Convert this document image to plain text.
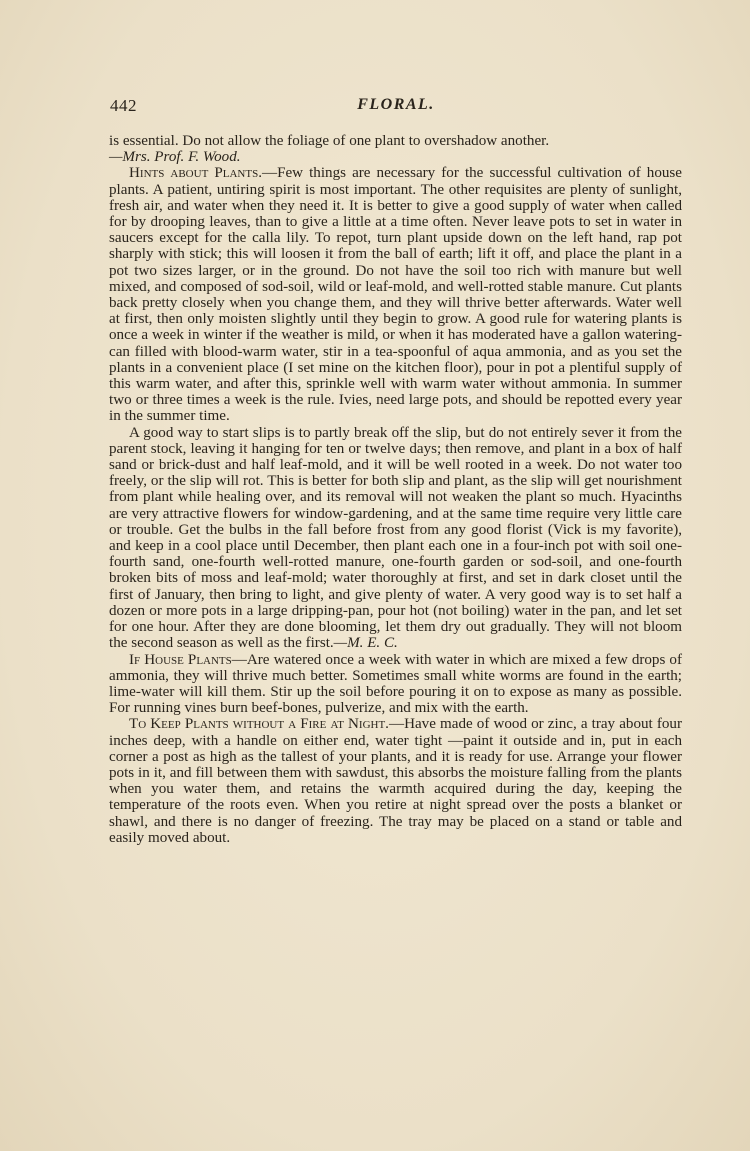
442	FLORAL.

is essential. Do not allow the foliage of one plant to overshadow another.
—Mrs. Prof. F. Wood.

Hints about Plants.—Few things are necessary for the successful cultivation of house plants. A patient, untiring spirit is most important. The other requisites are plenty of sunlight, fresh air, and water when they need it. It is better to give a good supply of water when called for by drooping leaves, than to give a little at a time often. Never leave pots to set in water in saucers except for the calla lily. To repot, turn plant upside down on the left hand, rap pot sharply with stick; this will loosen it from the ball of earth; lift it off, and place the plant in a pot two sizes larger, or in the ground. Do not have the soil too rich with manure but well mixed, and composed of sod-soil, wild or leaf-mold, and well-rotted stable manure. Cut plants back pretty closely when you change them, and they will thrive better afterwards. Water well at first, then only moisten slightly until they begin to grow. A good rule for watering plants is once a week in winter if the weather is mild, or when it has moderated have a gallon watering-can filled with blood-warm water, stir in a tea-spoonful of aqua ammonia, and as you set the plants in a convenient place (I set mine on the kitchen floor), pour in pot a plentiful supply of this warm water, and after this, sprinkle well with warm water without ammonia. In summer two or three times a week is the rule. Ivies, need large pots, and should be repotted every year in the summer time.

A good way to start slips is to partly break off the slip, but do not entirely sever it from the parent stock, leaving it hanging for ten or twelve days; then remove, and plant in a box of half sand or brick-dust and half leaf-mold, and it will be well rooted in a week. Do not water too freely, or the slip will rot. This is better for both slip and plant, as the slip will get nourishment from plant while healing over, and its removal will not weaken the plant so much. Hyacinths are very attractive flowers for window-gardening, and at the same time require very little care or trouble. Get the bulbs in the fall before frost from any good florist (Vick is my favorite), and keep in a cool place until December, then plant each one in a four-inch pot with soil one-fourth sand, one-fourth well-rotted manure, one-fourth garden or sod-soil, and one-fourth broken bits of moss and leaf-mold; water thoroughly at first, and set in dark closet until the first of January, then bring to light, and give plenty of water. A very good way is to set half a dozen or more pots in a large dripping-pan, pour hot (not boiling) water in the pan, and let set for one hour. After they are done blooming, let them dry out gradually. They will not bloom the second season as well as the first.—M. E. C.

If House Plants—Are watered once a week with water in which are mixed a few drops of ammonia, they will thrive much better. Sometimes small white worms are found in the earth; lime-water will kill them. Stir up the soil before pouring it on to expose as many as possible. For running vines burn beef-bones, pulverize, and mix with the earth.

To Keep Plants without a Fire at Night.—Have made of wood or zinc, a tray about four inches deep, with a handle on either end, water tight —paint it outside and in, put in each corner a post as high as the tallest of your plants, and it is ready for use. Arrange your flower pots in it, and fill between them with sawdust, this absorbs the moisture falling from the plants when you water them, and retains the warmth acquired during the day, keeping the temperature of the roots even. When you retire at night spread over the posts a blanket or shawl, and there is no danger of freezing. The tray may be placed on a stand or table and easily moved about.
